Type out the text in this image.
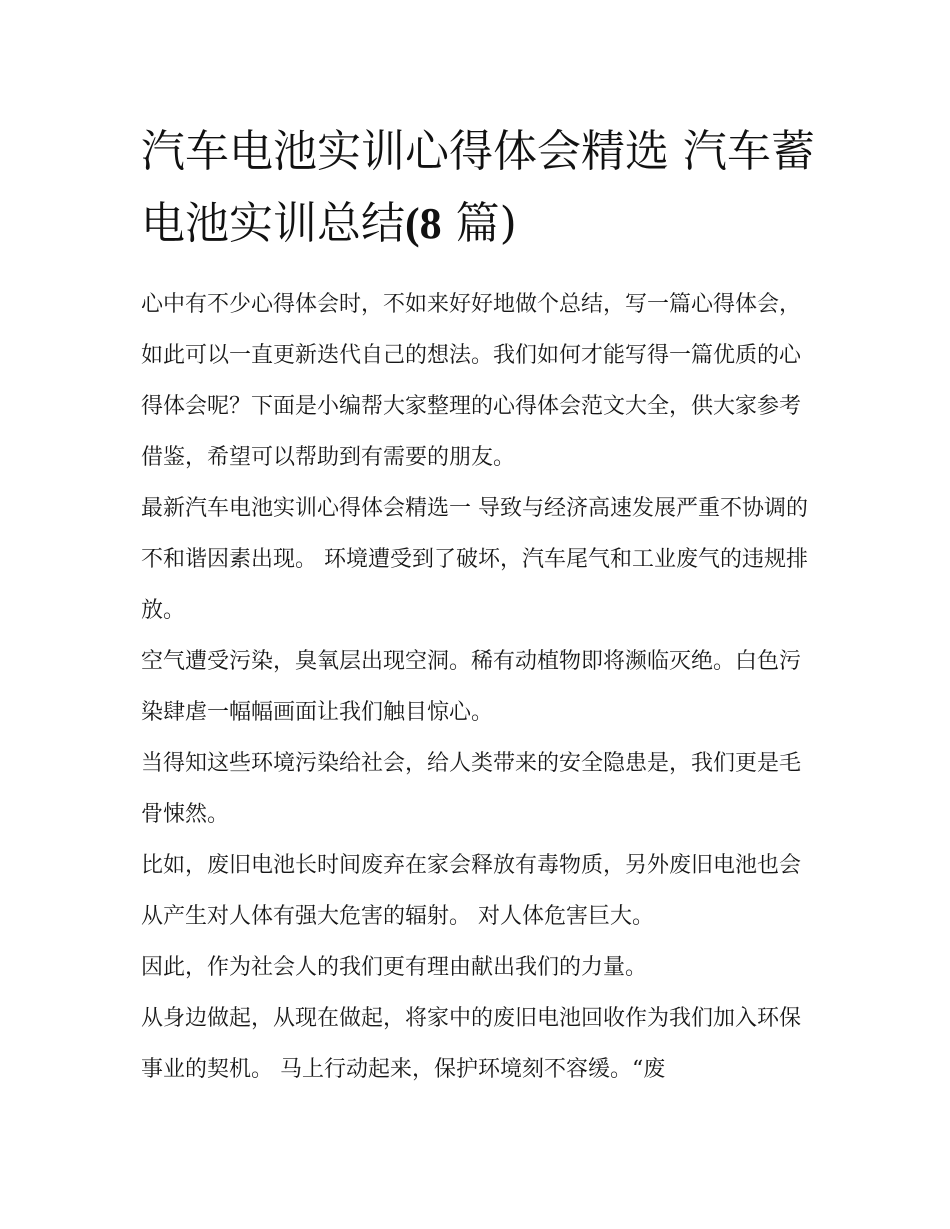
汽车电池实训心得体会精选 汽车蓄电池实训总结(8 篇)

心中有不少心得体会时，不如来好好地做个总结，写一篇心得体会，如此可以一直更新迭代自己的想法。我们如何才能写得一篇优质的心得体会呢？下面是小编帮大家整理的心得体会范文大全，供大家参考借鉴，希望可以帮助到有需要的朋友。

最新汽车电池实训心得体会精选一 导致与经济高速发展严重不协调的不和谐因素出现。 环境遭受到了破坏，汽车尾气和工业废气的违规排放。

空气遭受污染，臭氧层出现空洞。稀有动植物即将濒临灭绝。白色污染肆虐一幅幅画面让我们触目惊心。

当得知这些环境污染给社会，给人类带来的安全隐患是，我们更是毛骨悚然。

比如，废旧电池长时间废弃在家会释放有毒物质，另外废旧电池也会从产生对人体有强大危害的辐射。 对人体危害巨大。

因此，作为社会人的我们更有理由献出我们的力量。

从身边做起，从现在做起，将家中的废旧电池回收作为我们加入环保事业的契机。 马上行动起来，保护环境刻不容缓。“废
